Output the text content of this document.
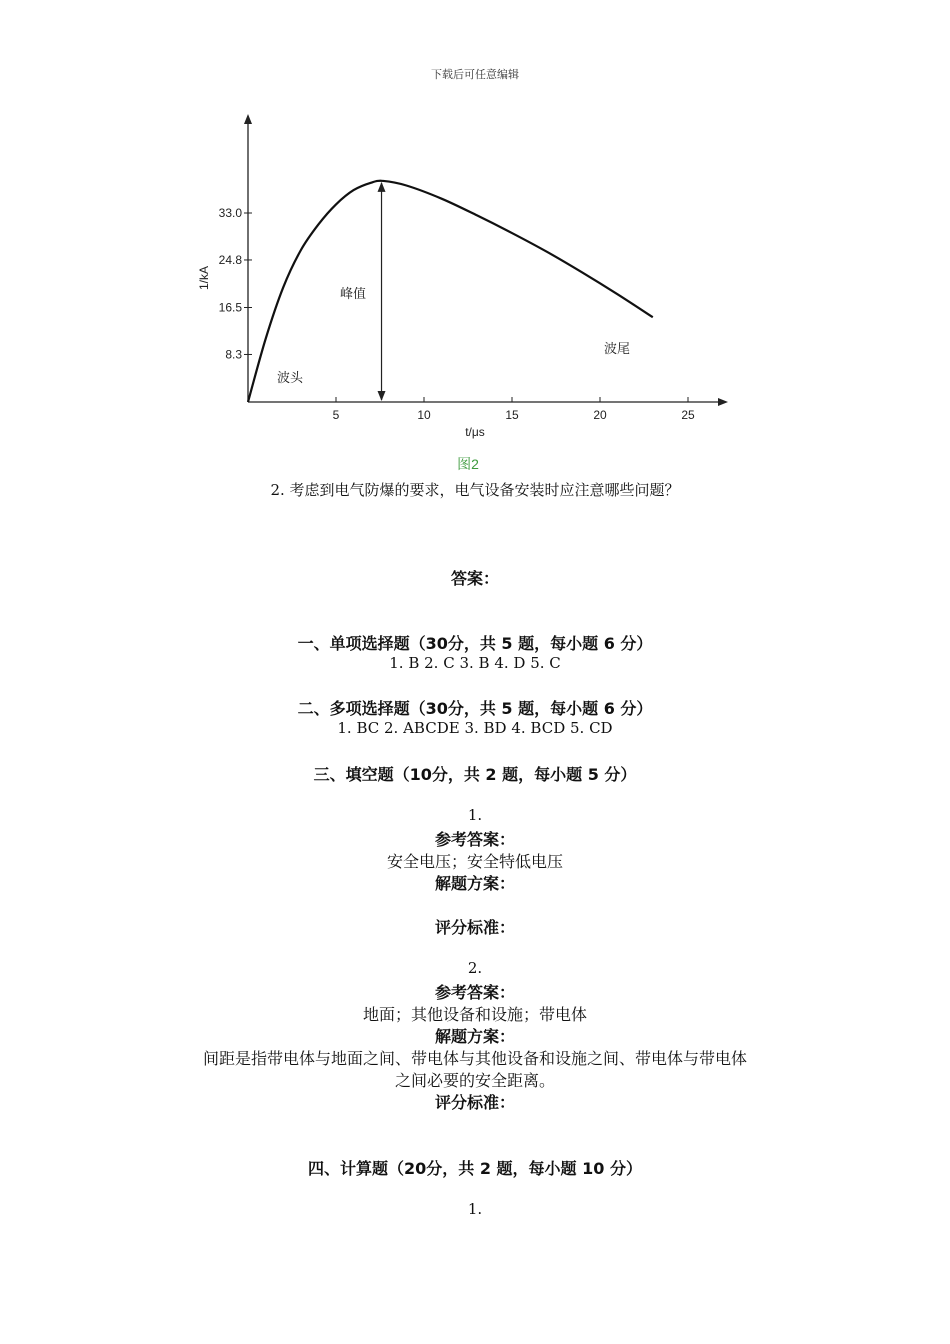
下载后可任意编辑
8.3
16.5
24.8
33.0
5	10	15	20	25
1/kA
t/μs
峰值
波头
波尾
图2
2. 考虑到电气防爆的要求，电气设备安装时应注意哪些问题？
答案：
一、单项选择题（30分，共 5 题，每小题 6 分）
1. B 2. C 3. B 4. D 5. C
二、多项选择题（30分，共 5 题，每小题 6 分）
1. BC 2. ABCDE 3. BD 4. BCD 5. CD
三、填空题（10分，共 2 题，每小题 5 分）
1.
参考答案：
安全电压；安全特低电压
解题方案：
评分标准：
2.
参考答案：
地面；其他设备和设施；带电体
解题方案：
间距是指带电体与地面之间、带电体与其他设备和设施之间、带电体与带电体
之间必要的安全距离。
评分标准：
四、计算题（20分，共 2 题，每小题 10 分）
1.
